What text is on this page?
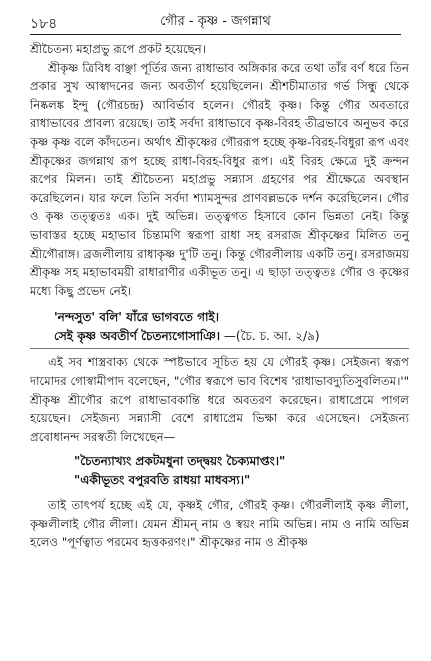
১৮৪	গৌর - কৃষ্ণ - জগন্নাথ

শ্রীচৈতন্য মহাপ্রভু রূপে প্রকট হয়েছেন।

শ্রীকৃষ্ণ ত্রিবিধ বাঞ্ছা পূর্তির জন্য রাধাভাব অঙ্গিকার করে তথা তাঁর বর্ণ ধরে তিন প্রকার সুখ আস্বাদনের জন্য অবতীর্ণ হয়েছিলেন। শ্রীশচীমাতার গর্ভ সিন্ধু থেকে নিষ্কলঙ্ক ইন্দু (গৌরচন্দ্র) আবির্ভাব হলেন। গৌরই কৃষ্ণ। কিন্তু গৌর অবতারে রাধাভাবের প্রাবল্য রয়েছে। তাই সর্বদা রাধাভাবে কৃষ্ণ-বিরহ তীব্রভাবে অনুভব করে কৃষ্ণ কৃষ্ণ বলে কাঁদতেন। অর্থাৎ শ্রীকৃষ্ণের গৌররূপ হচ্ছে কৃষ্ণ-বিরহ-বিধুরা রূপ এবং শ্রীকৃষ্ণের জগন্নাথ রূপ হচ্ছে রাধা-বিরহ-বিধুর রূপ। এই বিরহ ক্ষেত্রে দুই ক্রন্দন রূপের মিলন। তাই শ্রীচৈতন্য মহাপ্রভু সন্ন্যাস গ্রহণের পর শ্রীক্ষেত্রে অবস্থান করেছিলেন। যার ফলে তিনি সর্বদা শ্যামসুন্দর প্রাণবল্লভকে দর্শন করেছিলেন। গৌর ও কৃষ্ণ তত্ত্বতঃ এক। দুই অভিন্ন। তত্ত্বগত হিসাবে কোন ভিন্নতা নেই। কিন্তু ভাবাস্তর হচ্ছে মহাভাব চিন্তামণি স্বরূপা রাধা সহ রসরাজ শ্রীকৃষ্ণের মিলিত তনু শ্রীগৌরাঙ্গ। ব্রজলীলায় রাধাকৃষ্ণ দু'টি তনু। কিন্তু গৌরলীলায় একটি তনু। রসরাজময় শ্রীকৃষ্ণ সহ মহাভাবময়ী রাধারাণীর একীভূত তনু। এ ছাড়া তত্ত্বতঃ গৌর ও কৃষ্ণের মধ্যে কিছু প্রভেদ নেই।

'নন্দসুত' বলি' যাঁরে ভাগবতে গাই।
সেই কৃষ্ণ অবতীর্ণ চৈতন্যগোসাঞি। —(চৈ. চ. আ. ২/৯)

এই সব শাস্ত্রবাক্য থেকে স্পষ্টভাবে সূচিত হয় যে গৌরই কৃষ্ণ। সেইজন্য স্বরূপ দামোদর গোস্বামীপাদ বলেছেন, "গৌর স্বরূপে ভাব বিশেষ 'রাধাভাবদ্যুতিসুবলিতম।'" শ্রীকৃষ্ণ শ্রীগৌর রূপে রাধাভাবকান্তি ধরে অবতরণ করেছেন। রাধাপ্রেমে পাগল হয়েছেন। সেইজন্য সন্ন্যাসী বেশে রাধাপ্রেম ভিক্ষা করে এসেছেন। সেইজন্য প্রবোধানন্দ সরস্বতী লিখেছেন—

"চৈতন্যাখ্যং প্রকটমধুনা তদ্দ্বয়ং চৈক্যমাপ্তং।"
"একীভূতং বপুরবতি রাধয়া মাধবস্য।"

তাই তাৎপর্য হচ্ছে এই যে, কৃষ্ণই গৌর, গৌরই কৃষ্ণ। গৌরলীলাই কৃষ্ণ লীলা, কৃষ্ণলীলাই গৌর লীলা। যেমন শ্রীমন্ নাম ও স্বয়ং নামি অভিন্ন। নাম ও নামি অভিন্ন হলেও "পূর্ণত্বাত পরমেব হৃত্তকরণং।" শ্রীকৃষ্ণের নাম ও শ্রীকৃষ্ণ
